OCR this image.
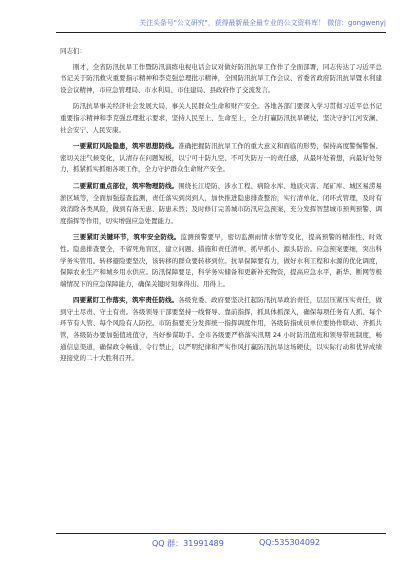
关注头条号"公文研究"，获得最新最全最专业的公文资料库！ 微信：gongwenyj

同志们：

刚才，全省防汛抗旱工作暨防汛演练电视电话会议对做好防汛抗旱工作作了全面部署，同志传达了习近平总书记关于防汛救灾重要指示精神和李克强总理批示精神，全国防汛抗旱工作会议、省委省政府防汛抗旱暨水利建设会议精神，市应急管理局、市水利局、市住建局、县政府作了交流发言。

防汛抗旱事关经济社会发展大局，事关人民群众生命和财产安全。各地各部门要深入学习贯彻习近平总书记重要指示精神和李克强总理批示要求，坚持人民至上、生命至上，全力打赢防汛抗旱硬仗，坚决守护江河安澜、社会安宁、人民安康。

一要紧盯风险隐患，筑牢思想防线。准确把握防汛抗旱工作的重大意义和面临的形势，保持高度警惕警惕、密切关注气候变化，认清存在问题短板，以宁可十防九空、不可失防万一的责任感，从最坏处着想，向最好处努力，抓紧抓实抓细各项工作，全力守护群众生命财产安全。

二要紧盯重点部位，筑牢物理防线。围绕长江堤防、涉水工程、病险水库、地质灾害、尾矿库、城区易涝易淤区域等，全面加强巡查监测，责任落实到岗到人，加快推进隐患排查整治，实行清单化、闭环式管理，及时有效消除各类风险，做到有备无患、防患未然；及时修订完善城市防汛应急预案，充分发挥智慧城市预判预警、调度指挥等作用，切实增强应急处置能力。

三要紧盯关键环节，筑牢安全防线。监测预警要早，密切监测雨情水情等变化，提高预警的精准性、时效性。隐患排查要全，不留死角盲区，建立问题、措施和责任清单，抓早抓小、源头防治。应急预案要细，突出科学务实管用。转移避险要坚决，该转移的群众要转移到位。抗旱保障要有力，做好水利工程和水源的优化调度，保障农业生产和城乡用水供应。防汛保障要足，科学务实储备和更新补充物资，提高应急水平，新华、断网等极端情况下的应急保障能力，确保关键时刻拿得出、用得上。

四要紧盯工作落实，筑牢责任防线。各级党委、政府要坚决扛起防汛抗旱政治责任，层层压紧压实责任，做到守土尽责、守土有责。各级领导干部要坚持一线督导、靠前指挥，抓具体抓深入，确保每项任务有人抓、每个环节有人管、每个风险有人防控。市防指要充分发挥统一指挥调度作用，各级防指成员单位要协作联动、齐抓共管，各级防办要加强值班值守，当好参谋助手。全市各级要严格落实汛期 24 小时防汛值班和领导带班制度，畅通信息渠道，确保政令畅通、令行禁止，以严明纪律和严实作风打赢防汛抗旱这场硬仗，以实际行动和优异成绩迎接党的二十大胜利召开。

QQ 群：31991489	QQ:535304092
